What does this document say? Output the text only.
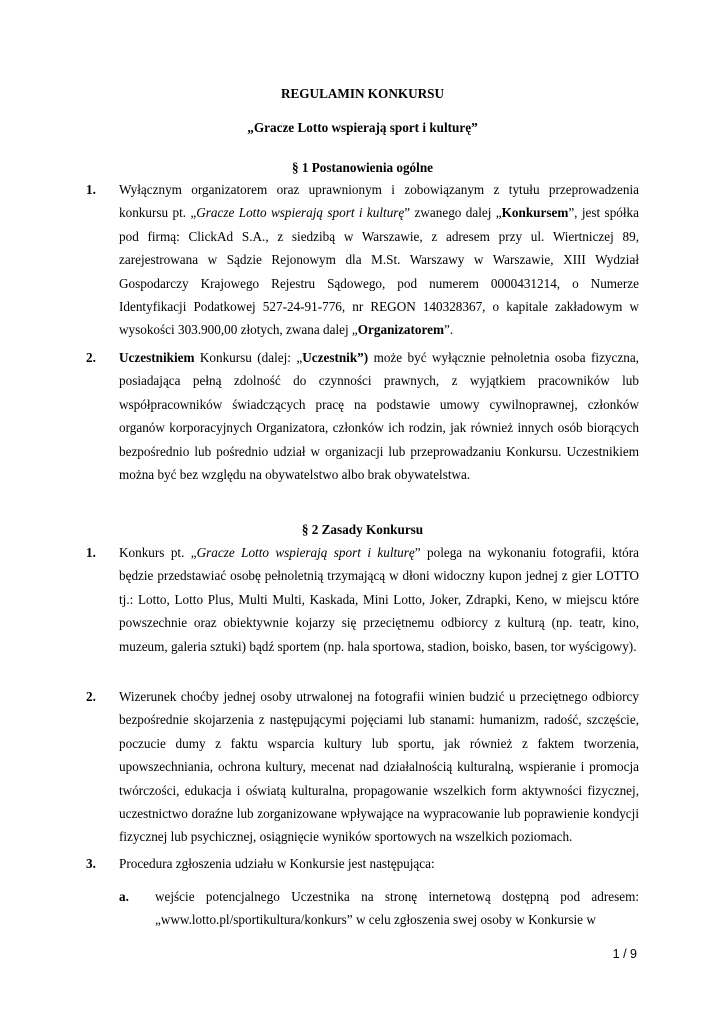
REGULAMIN KONKURSU
„Gracze Lotto wspierają sport i kulturę”
§ 1 Postanowienia ogólne
1. Wyłącznym organizatorem oraz uprawnionym i zobowiązanym z tytułu przeprowadzenia konkursu pt. „Gracze Lotto wspierają sport i kulturę” zwanego dalej „Konkursem”, jest spółka pod firmą: ClickAd S.A., z siedzibą w Warszawie, z adresem przy ul. Wiertniczej 89, zarejestrowana w Sądzie Rejonowym dla M.St. Warszawy w Warszawie, XIII Wydział Gospodarczy Krajowego Rejestru Sądowego, pod numerem 0000431214, o Numerze Identyfikacji Podatkowej 527-24-91-776, nr REGON 140328367, o kapitale zakładowym w wysokości 303.900,00 złotych, zwana dalej „Organizatorem”.
2. Uczestnikiem Konkursu (dalej: „Uczestnik”) może być wyłącznie pełnoletnia osoba fizyczna, posiadająca pełną zdolność do czynności prawnych, z wyjątkiem pracowników lub współpracowników świadczących pracę na podstawie umowy cywilnoprawnej, członków organów korporacyjnych Organizatora, członków ich rodzin, jak również innych osób biorących bezpośrednio lub pośrednio udział w organizacji lub przeprowadzaniu Konkursu. Uczestnikiem można być bez względu na obywatelstwo albo brak obywatelstwa.
§ 2 Zasady Konkursu
1. Konkurs pt. „Gracze Lotto wspierają sport i kulturę” polega na wykonaniu fotografii, która będzie przedstawiać osobę pełnoletnią trzymającą w dłoni widoczny kupon jednej z gier LOTTO tj.: Lotto, Lotto Plus, Multi Multi, Kaskada, Mini Lotto, Joker, Zdrapki, Keno, w miejscu które powszechnie oraz obiektywnie kojarzy się przeciętnemu odbiorcy z kulturą (np. teatr, kino, muzeum, galeria sztuki) bądź sportem (np. hala sportowa, stadion, boisko, basen, tor wyścigowy).
2. Wizerunek choćby jednej osoby utrwalonej na fotografii winien budzić u przeciętnego odbiorcy bezpośrednie skojarzenia z następującymi pojęciami lub stanami: humanizm, radość, szczęście, poczucie dumy z faktu wsparcia kultury lub sportu, jak również z faktem tworzenia, upowszechniania, ochrona kultury, mecenat nad działalnością kulturalną, wspieranie i promocja twórczości, edukacja i oświatą kulturalna, propagowanie wszelkich form aktywności fizycznej, uczestnictwo doraźne lub zorganizowane wpływające na wypracowanie lub poprawienie kondycji fizycznej lub psychicznej, osiągnięcie wyników sportowych na wszelkich poziomach.
3. Procedura zgłoszenia udziału w Konkursie jest następująca:
a. wejście potencjalnego Uczestnika na stronę internetową dostępną pod adresem: „www.lotto.pl/sportikultura/konkurs” w celu zgłoszenia swej osoby w Konkursie w
1 / 9
